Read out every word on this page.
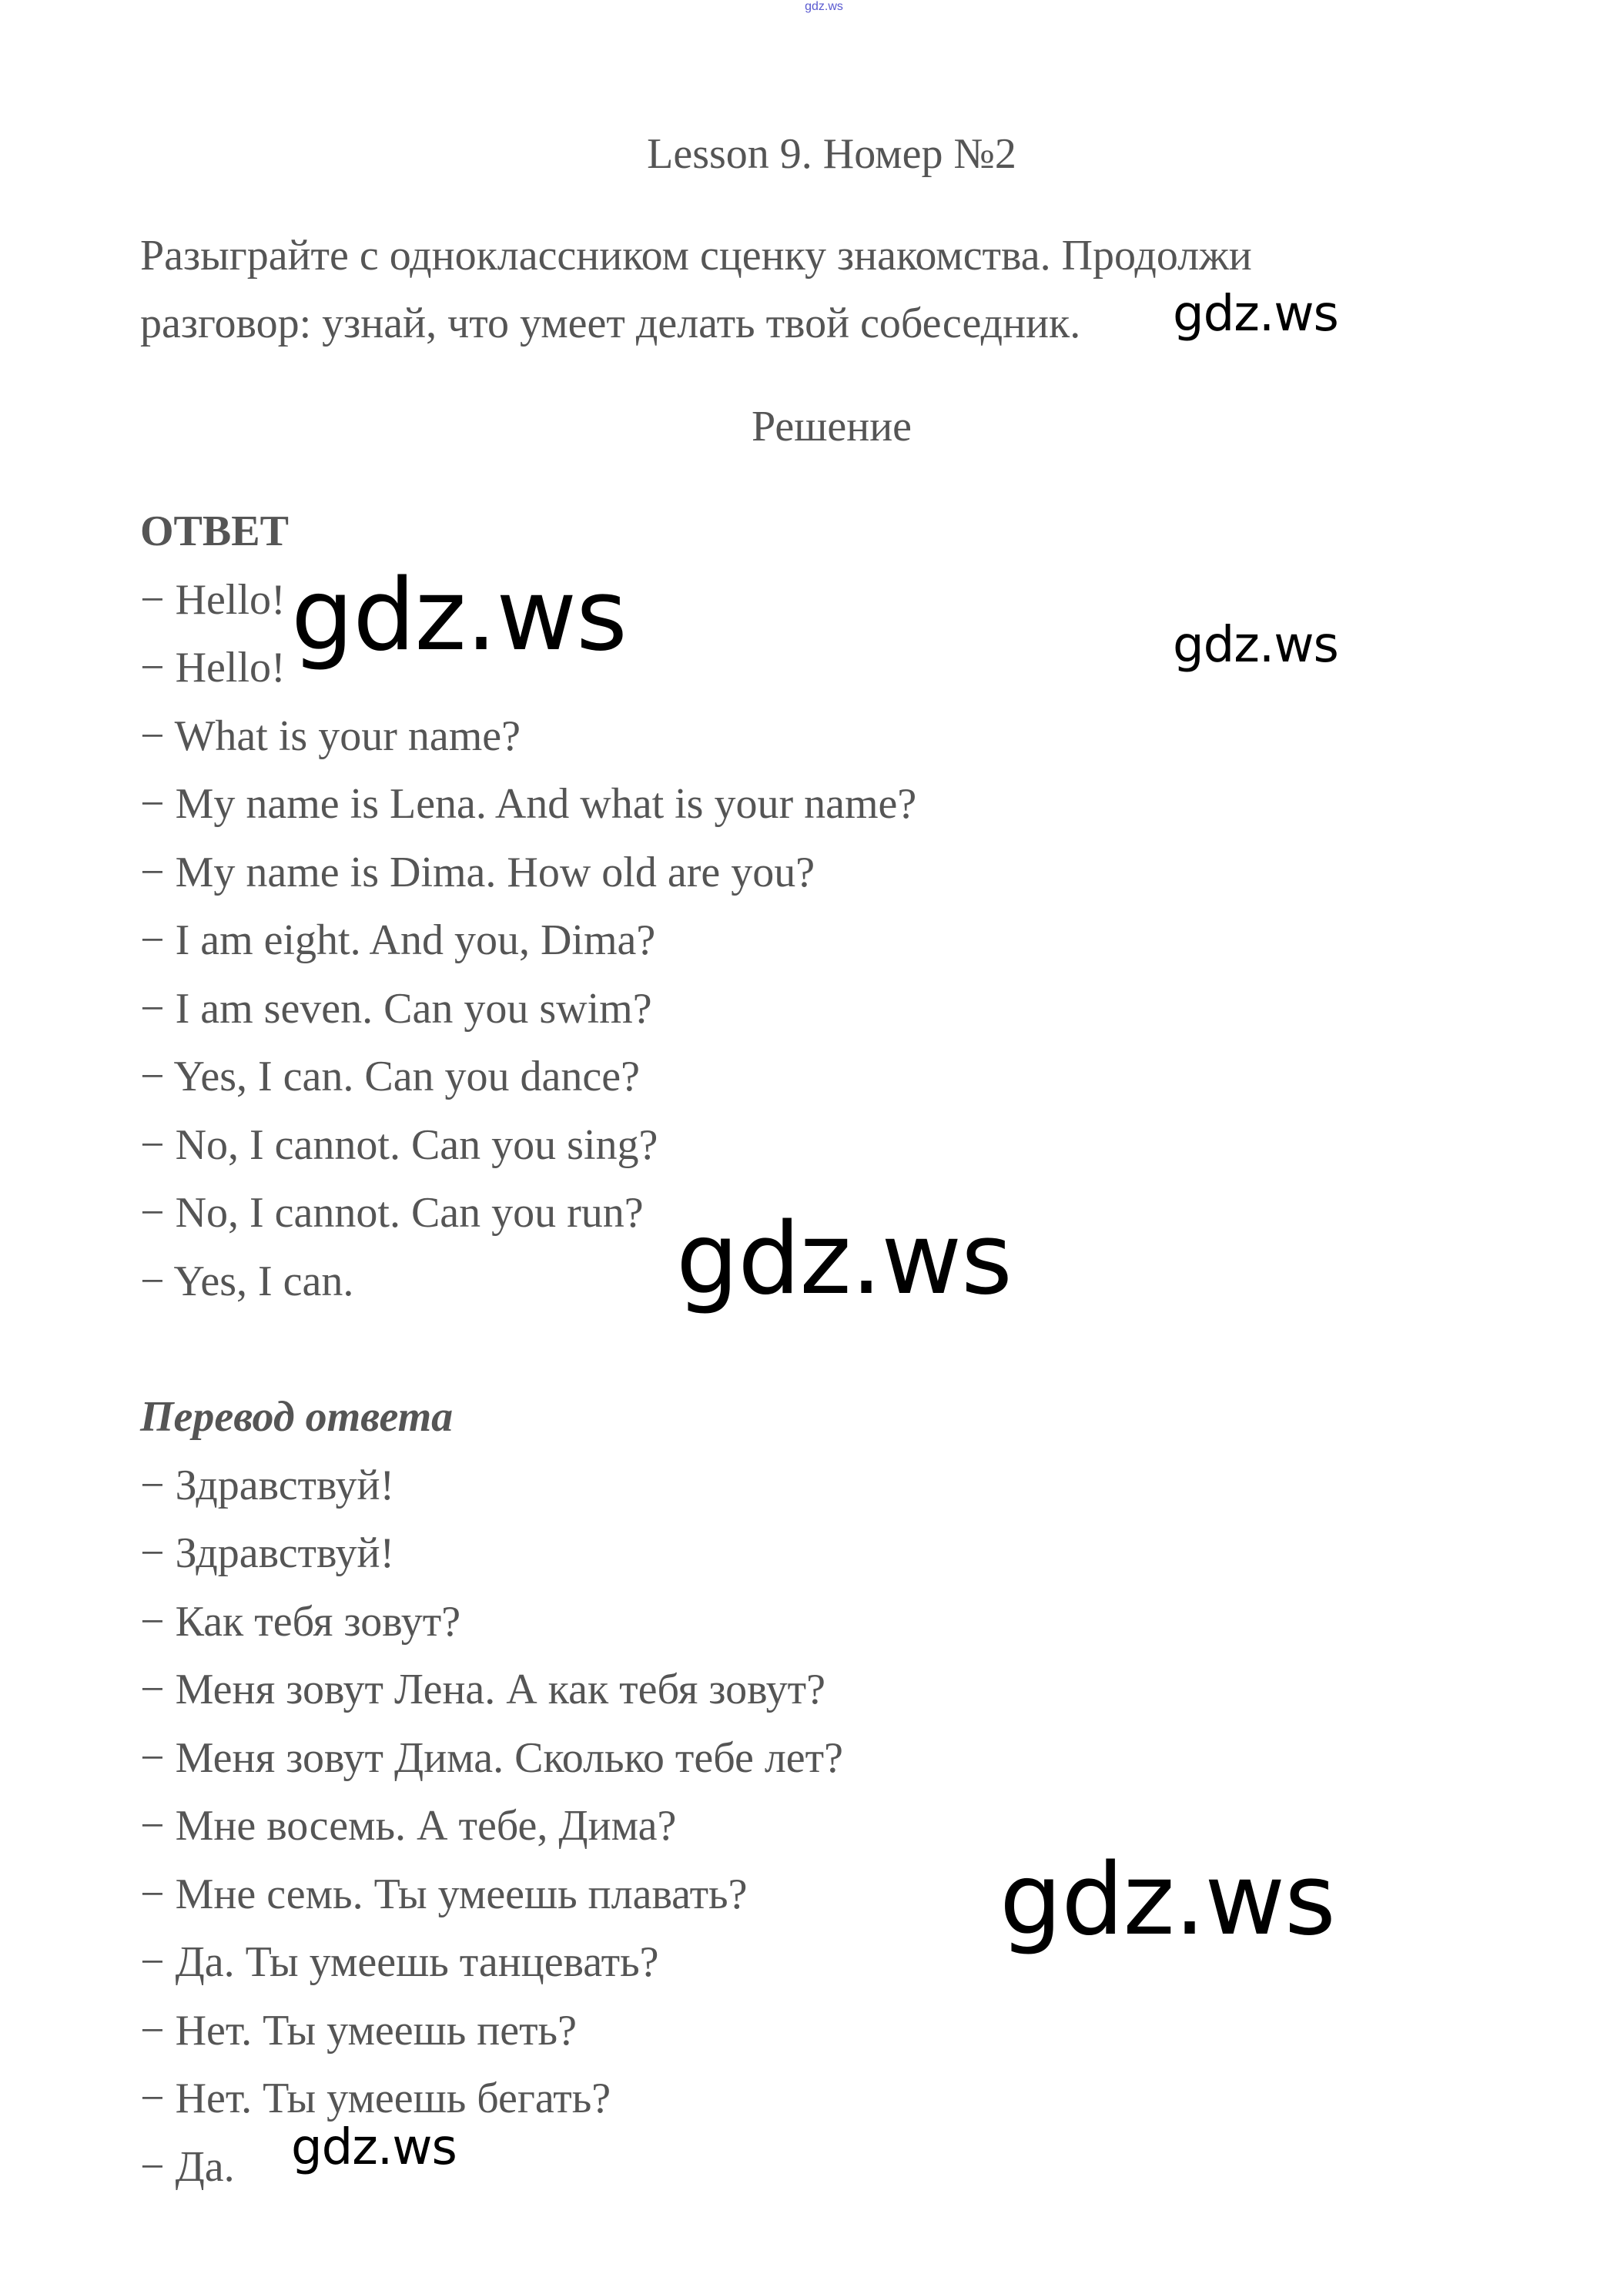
gdz.ws
Lesson 9. Номер №2
Разыграйте с одноклассником сценку знакомства. Продолжи
разговор: узнай, что умеет делать твой собеседник.
Решение
ОТВЕТ
− Hello!
− Hello!
− What is your name?
− My name is Lena. And what is your name?
− My name is Dima. How old are you?
− I am eight. And you, Dima?
− I am seven. Can you swim?
− Yes, I can. Can you dance?
− No, I cannot. Can you sing?
− No, I cannot. Can you run?
− Yes, I can.
Перевод ответа
− Здравствуй!
− Здравствуй!
− Как тебя зовут?
− Меня зовут Лена. А как тебя зовут?
− Меня зовут Дима. Сколько тебе лет?
− Мне восемь. А тебе, Дима?
− Мне семь. Ты умеешь плавать?
− Да. Ты умеешь танцевать?
− Нет. Ты умеешь петь?
− Нет. Ты умеешь бегать?
− Да.
gdz.ws
gdz.ws	gdz.ws
gdz.ws
gdz.ws
gdz.ws
